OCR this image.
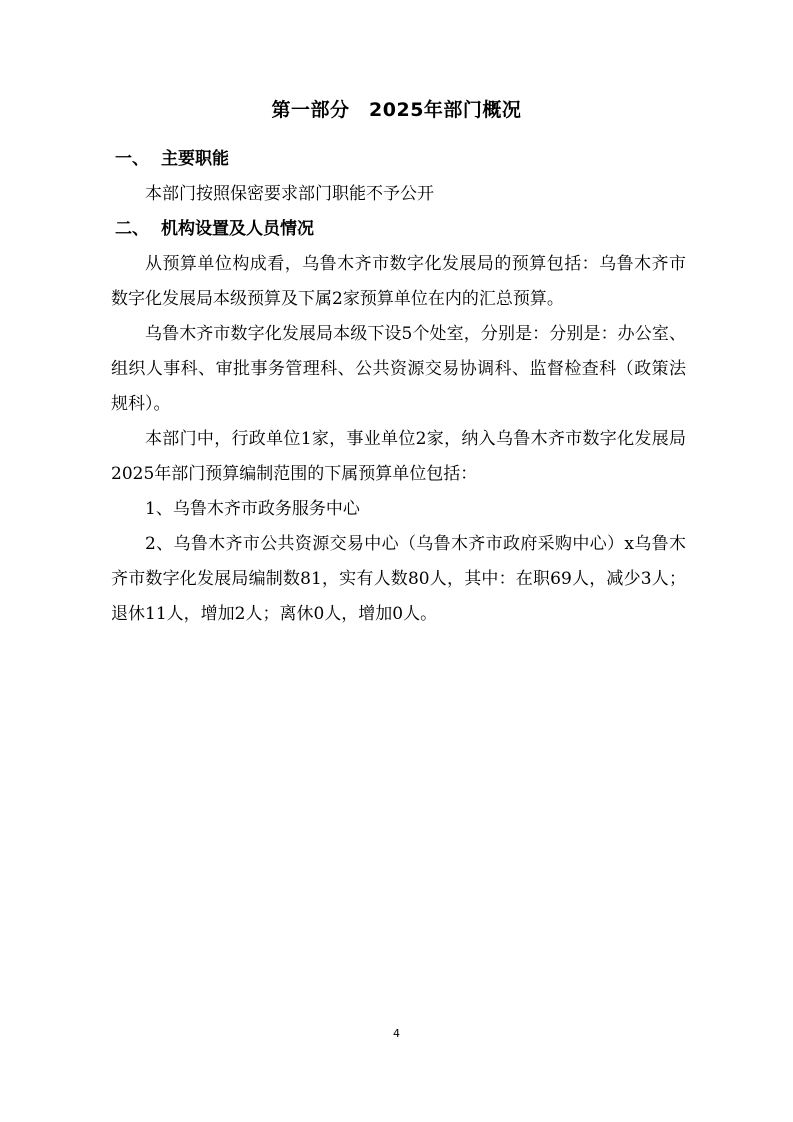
第一部分　2025年部门概况
一、 主要职能

本部门按照保密要求部门职能不予公开

二、 机构设置及人员情况

从预算单位构成看，乌鲁木齐市数字化发展局的预算包括：乌鲁木齐市数字化发展局本级预算及下属2家预算单位在内的汇总预算。

乌鲁木齐市数字化发展局本级下设5个处室，分别是：分别是：办公室、组织人事科、审批事务管理科、公共资源交易协调科、监督检查科（政策法规科）。

本部门中，行政单位1家，事业单位2家，纳入乌鲁木齐市数字化发展局2025年部门预算编制范围的下属预算单位包括：

1、乌鲁木齐市政务服务中心

2、乌鲁木齐市公共资源交易中心（乌鲁木齐市政府采购中心）x乌鲁木齐市数字化发展局编制数81，实有人数80人，其中：在职69人，减少3人；退休11人，增加2人；离休0人，增加0人。

4
